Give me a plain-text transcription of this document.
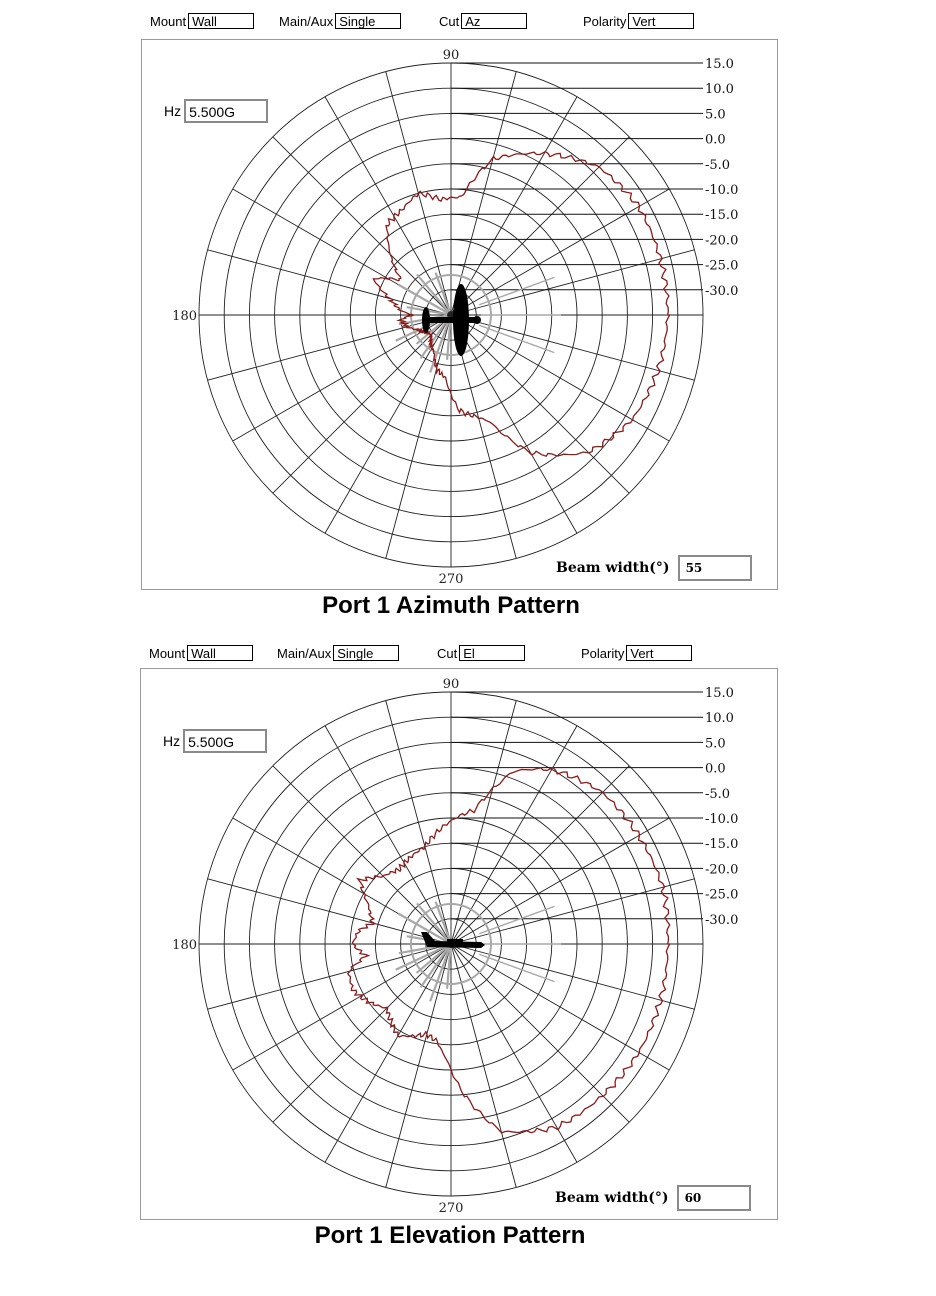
Mount Wall	Main/Aux Single	Cut Az	Polarity Vert
15.0
10.0
5.0
0.0
-5.0
-10.0
-15.0
-20.0
-25.0
-30.0
90
180
270
Hz 5.500G
Beam width(°)	55
Port 1 Azimuth Pattern
Mount Wall	Main/Aux Single	Cut El	Polarity Vert
15.0
10.0
5.0
0.0
-5.0
-10.0
-15.0
-20.0
-25.0
-30.0
90
180
270
Hz 5.500G
Beam width(°)	60
Port 1 Elevation Pattern
